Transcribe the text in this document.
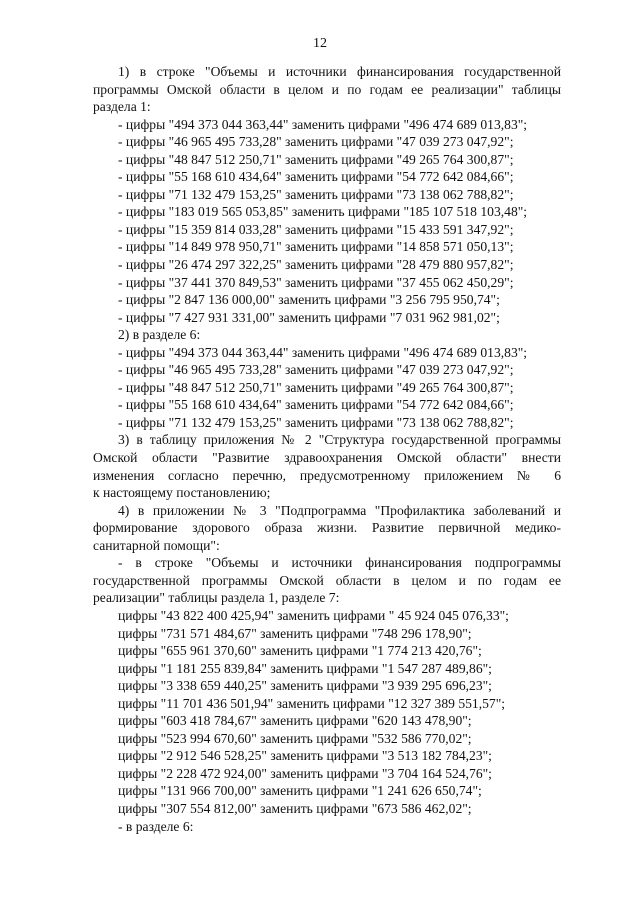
12
1) в строке "Объемы и источники финансирования государственной
программы Омской области в целом и по годам ее реализации" таблицы
раздела 1:
- цифры "494 373 044 363,44" заменить цифрами "496 474 689 013,83";
- цифры "46 965 495 733,28" заменить цифрами "47 039 273 047,92";
- цифры "48 847 512 250,71" заменить цифрами "49 265 764 300,87";
- цифры "55 168 610 434,64" заменить цифрами "54 772 642 084,66";
- цифры "71 132 479 153,25" заменить цифрами "73 138 062 788,82";
- цифры "183 019 565 053,85" заменить цифрами "185 107 518 103,48";
- цифры "15 359 814 033,28" заменить цифрами "15 433 591 347,92";
- цифры "14 849 978 950,71" заменить цифрами "14 858 571 050,13";
- цифры "26 474 297 322,25" заменить цифрами "28 479 880 957,82";
- цифры "37 441 370 849,53" заменить цифрами "37 455 062 450,29";
- цифры "2 847 136 000,00" заменить цифрами "3 256 795 950,74";
- цифры "7 427 931 331,00" заменить цифрами "7 031 962 981,02";
2) в разделе 6:
- цифры "494 373 044 363,44" заменить цифрами "496 474 689 013,83";
- цифры "46 965 495 733,28" заменить цифрами "47 039 273 047,92";
- цифры "48 847 512 250,71" заменить цифрами "49 265 764 300,87";
- цифры "55 168 610 434,64" заменить цифрами "54 772 642 084,66";
- цифры "71 132 479 153,25" заменить цифрами "73 138 062 788,82";
3) в таблицу приложения № 2 "Структура государственной программы
Омской области "Развитие здравоохранения Омской области" внести
изменения согласно перечню, предусмотренному приложением № 6
к настоящему постановлению;
4) в приложении № 3 "Подпрограмма "Профилактика заболеваний и
формирование здорового образа жизни. Развитие первичной медико-
санитарной помощи":
- в строке "Объемы и источники финансирования подпрограммы
государственной программы Омской области в целом и по годам ее
реализации" таблицы раздела 1, разделе 7:
цифры "43 822 400 425,94" заменить цифрами " 45 924 045 076,33";
цифры "731 571 484,67" заменить цифрами "748 296 178,90";
цифры "655 961 370,60" заменить цифрами "1 774 213 420,76";
цифры "1 181 255 839,84" заменить цифрами "1 547 287 489,86";
цифры "3 338 659 440,25" заменить цифрами "3 939 295 696,23";
цифры "11 701 436 501,94" заменить цифрами "12 327 389 551,57";
цифры "603 418 784,67" заменить цифрами "620 143 478,90";
цифры "523 994 670,60" заменить цифрами "532 586 770,02";
цифры "2 912 546 528,25" заменить цифрами "3 513 182 784,23";
цифры "2 228 472 924,00" заменить цифрами "3 704 164 524,76";
цифры "131 966 700,00" заменить цифрами "1 241 626 650,74";
цифры "307 554 812,00" заменить цифрами "673 586 462,02";
- в разделе 6:
